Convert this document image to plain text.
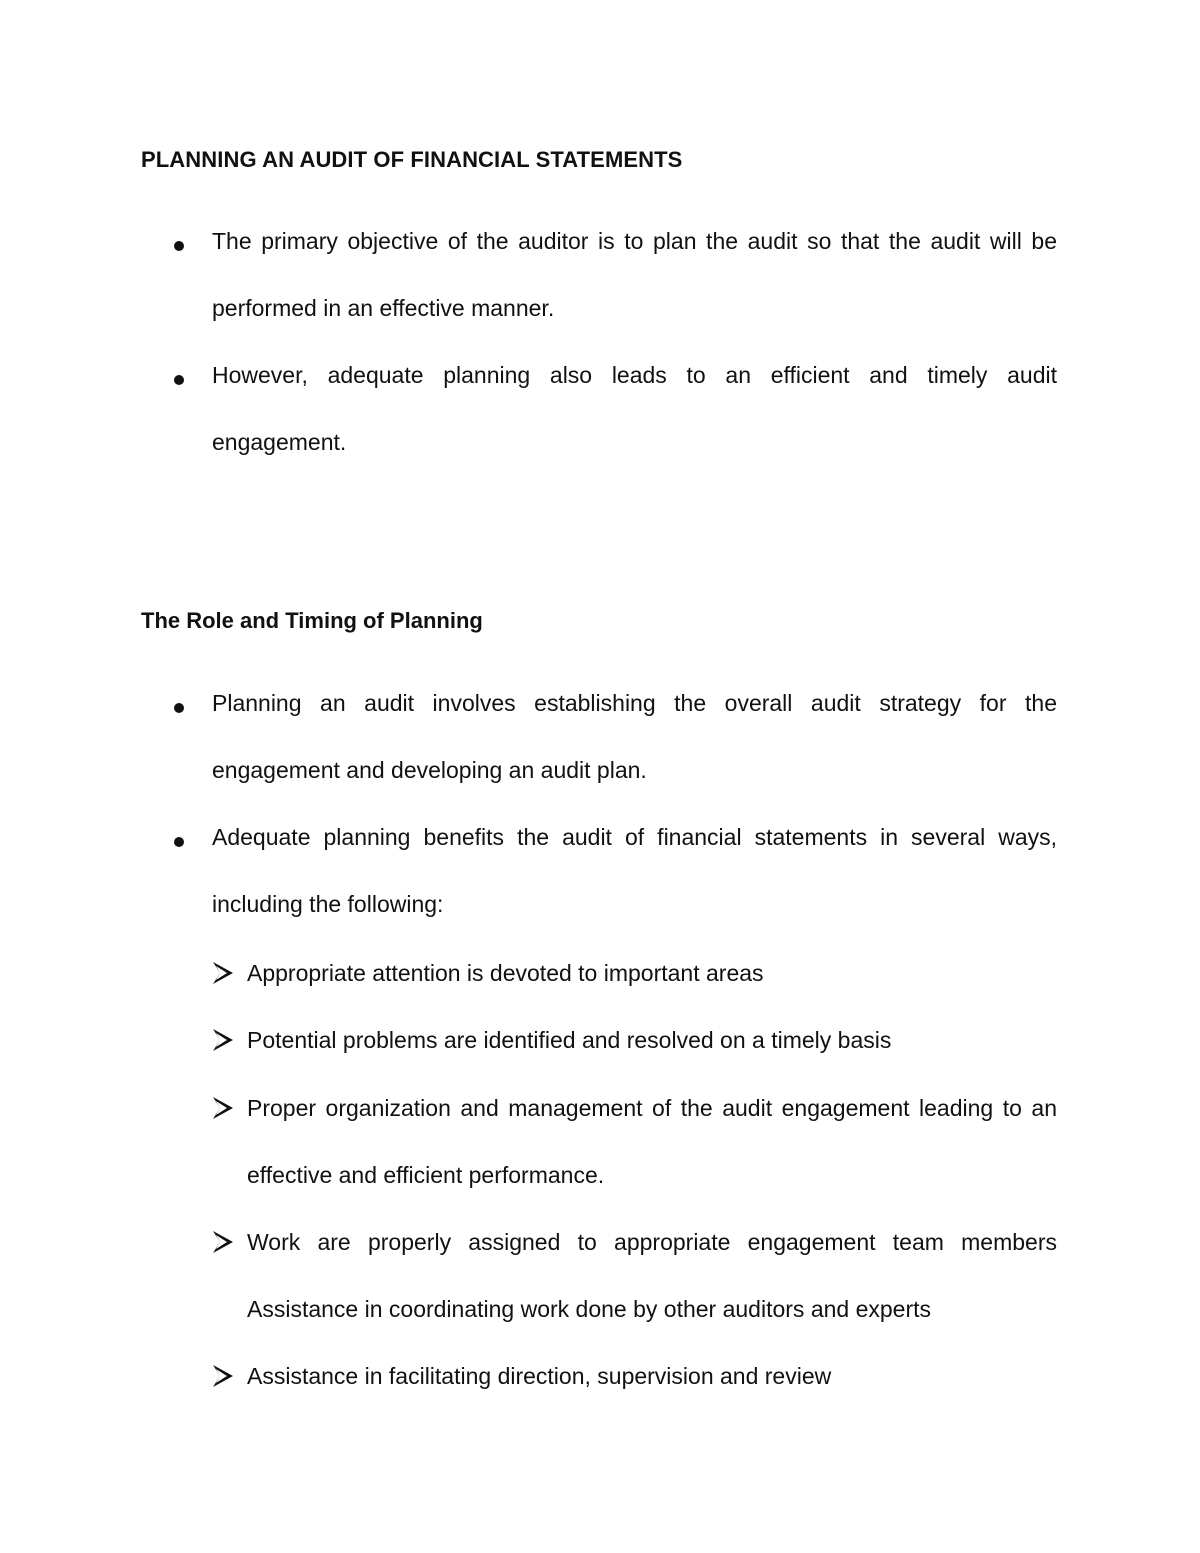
PLANNING AN AUDIT OF FINANCIAL STATEMENTS
The primary objective of the auditor is to plan the audit so that the audit will be performed in an effective manner.
However, adequate planning also leads to an efficient and timely audit engagement.
The Role and Timing of Planning
Planning an audit involves establishing the overall audit strategy for the engagement and developing an audit plan.
Adequate planning benefits the audit of financial statements in several ways, including the following:
Appropriate attention is devoted to important areas
Potential problems are identified and resolved on a timely basis
Proper organization and management of the audit engagement leading to an effective and efficient performance.
Work are properly assigned to appropriate engagement team members
Assistance in coordinating work done by other auditors and experts
Assistance in facilitating direction, supervision and review
